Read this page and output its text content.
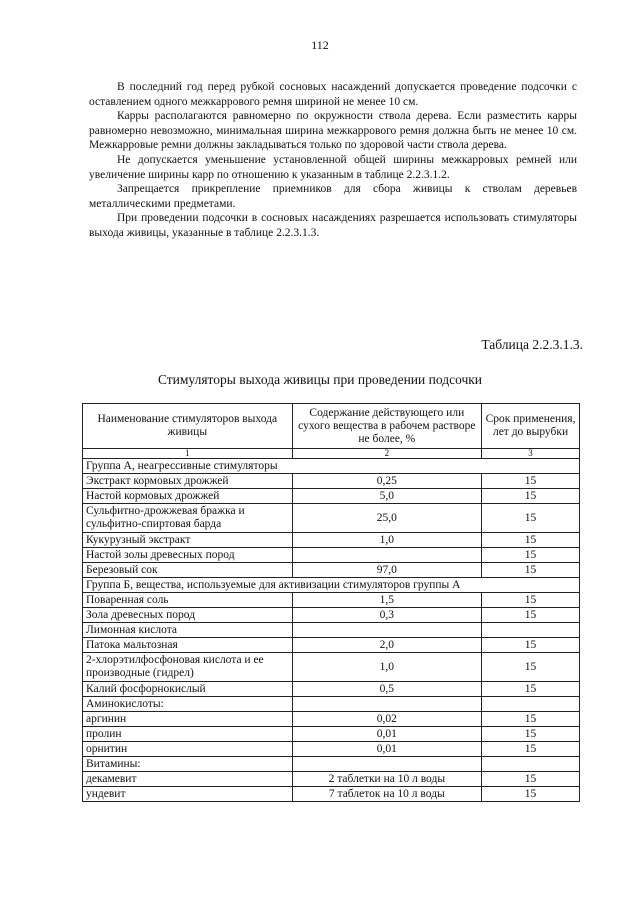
112

В последний год перед рубкой сосновых насаждений допускается проведение подсочки с оставлением одного межкаррового ремня шириной не менее 10 см.

Карры располагаются равномерно по окружности ствола дерева. Если разместить карры равномерно невозможно, минимальная ширина межкаррового ремня должна быть не менее 10 см. Межкарровые ремни должны закладываться только по здоровой части ствола дерева.

Не допускается уменьшение установленной общей ширины межкарровых ремней или увеличение ширины карр по отношению к указанным в таблице 2.2.3.1.2.

Запрещается прикрепление приемников для сбора живицы к стволам деревьев металлическими предметами.

При проведении подсочки в сосновых насаждениях разрешается использовать стимуляторы выхода живицы, указанные в таблице 2.2.3.1.3.

Таблица 2.2.3.1.3.
Стимуляторы выхода живицы при проведении подсочки
Наименование стимуляторов выхода живицы	Содержание действующего или сухого вещества в рабочем растворе не более, %	Срок применения, лет до вырубки
1	2	3
Группа А, неагрессивные стимуляторы		
Экстракт кормовых дрожжей	0,25	15
Настой кормовых дрожжей	5,0	15
Сульфитно-дрожжевая бражка и сульфитно-спиртовая барда	25,0	15
Кукурузный экстракт	1,0	15
Настой золы древесных пород		15
Березовый сок	97,0	15
Группа Б, вещества, используемые для активизации стимуляторов группы А		
Поваренная соль	1,5	15
Зола древесных пород	0,3	15
Лимонная кислота		
Патока мальтозная	2,0	15
2-хлорэтилфосфоновая кислота и ее производные (гидрел)	1,0	15
Калий фосфорнокислый	0,5	15
Аминокислоты:		
аргинин	0,02	15
пролин	0,01	15
орнитин	0,01	15
Витамины:		
декамевит	2 таблетки на 10 л воды	15
ундевит	7 таблеток на 10 л воды	15
